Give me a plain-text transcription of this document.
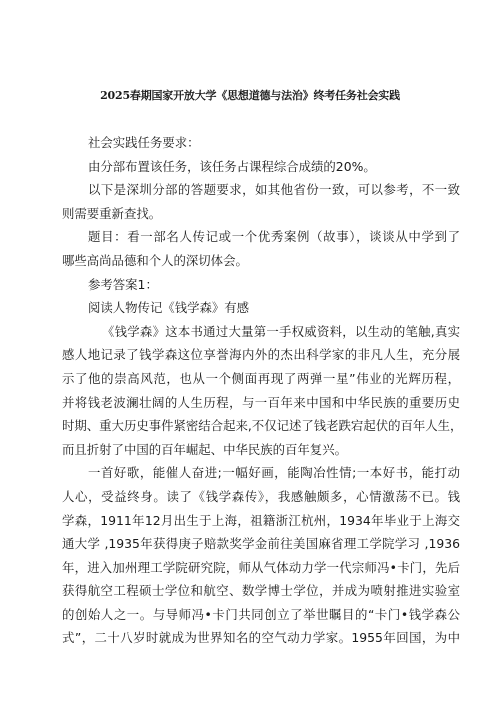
2025春期国家开放大学《思想道德与法治》终考任务社会实践
社会实践任务要求：
由分部布置该任务，该任务占课程综合成绩的20%。
以下是深圳分部的答题要求，如其他省份一致，可以参考，不一致
则需要重新查找。
题目：看一部名人传记或一个优秀案例（故事），谈谈从中学到了
哪些高尚品德和个人的深切体会。
参考答案1：
阅读人物传记《钱学森》有感
《钱学森》这本书通过大量第一手权威资料，以生动的笔触,真实
感人地记录了钱学森这位享誉海内外的杰出科学家的非凡人生，充分展
示了他的崇高风范，也从一个侧面再现了两弹一星”伟业的光辉历程，
并将钱老波澜壮阔的人生历程，与一百年来中国和中华民族的重要历史
时期、重大历史事件紧密结合起来,不仅记述了钱老跌宕起伏的百年人生，
而且折射了中国的百年崛起、中华民族的百年复兴。
一首好歌，能催人奋进;一幅好画，能陶冶性情;一本好书，能打动
人心，受益终身。读了《钱学森传》，我感触颇多，心情激荡不已。钱
学森，1911年12月出生于上海，祖籍浙江杭州，1934年毕业于上海交
通大学 ,1935年获得庚子赔款奖学金前往美国麻省理工学院学习 ,1936
年，进入加州理工学院研究院，师从气体动力学一代宗师冯•卡门，先后
获得航空工程硕士学位和航空、数学博士学位，并成为喷射推进实验室
的创始人之一。与导师冯•卡门共同创立了举世瞩目的“卡门•钱学森公
式”，二十八岁时就成为世界知名的空气动力学家。1955年回国，为中
